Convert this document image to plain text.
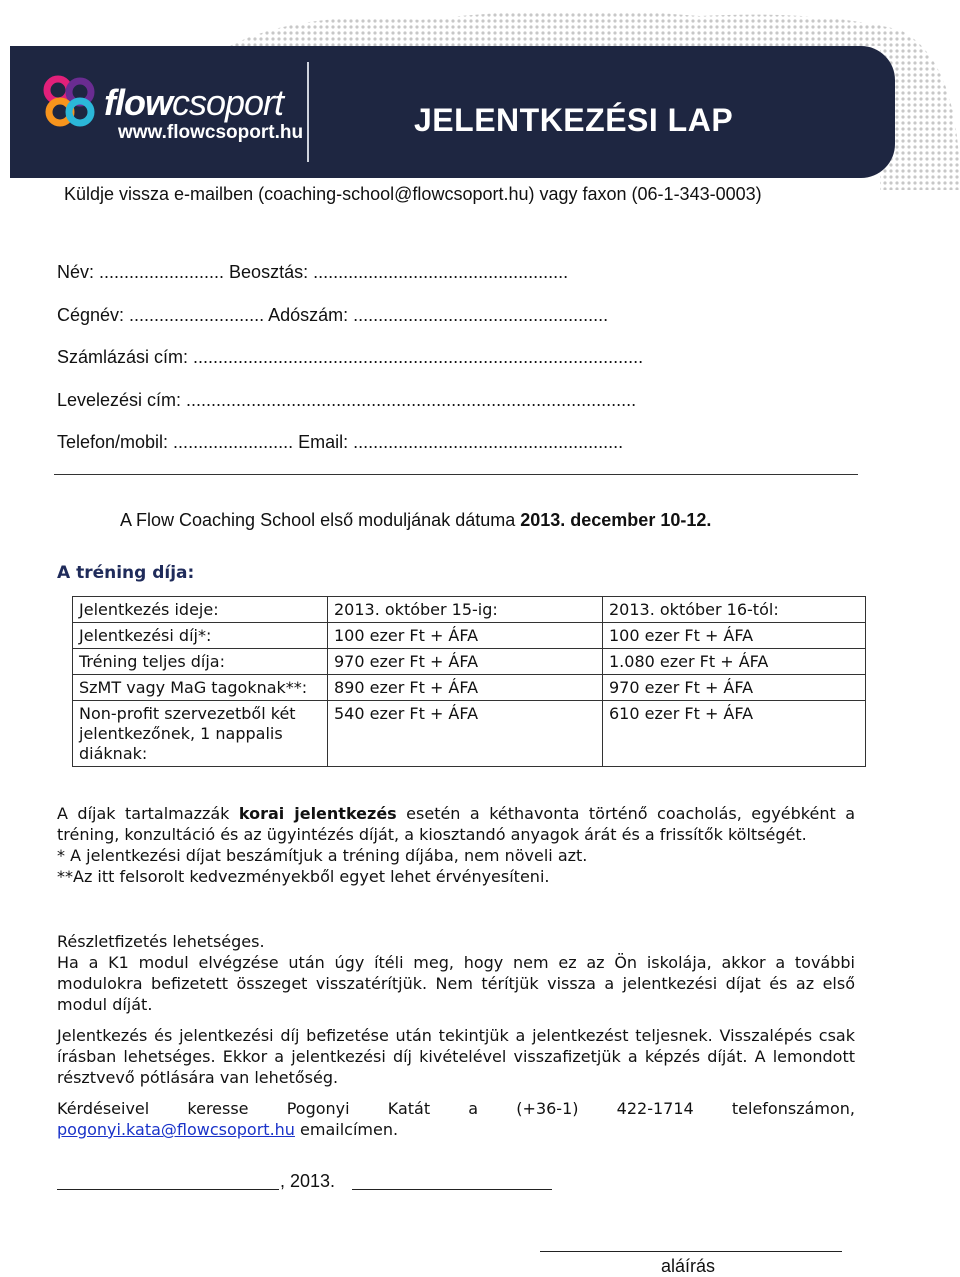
flowcsoport
www.flowcsoport.hu	JELENTKEZÉSI LAP
Küldje vissza e-mailben (coaching-school@flowcsoport.hu) vagy faxon (06-1-343-0003)
Név: ......................... Beosztás: ...................................................
Cégnév: ........................... Adószám: ...................................................
Számlázási cím: ..........................................................................................
Levelezési cím: ..........................................................................................
Telefon/mobil: ........................ Email: ......................................................
A Flow Coaching School első moduljának dátuma 2013. december 10-12.
A tréning díja:
Jelentkezés ideje:	2013. október 15-ig:	2013. október 16-tól:
Jelentkezési díj*:	100 ezer Ft + ÁFA	100 ezer Ft + ÁFA
Tréning teljes díja:	970 ezer Ft + ÁFA	1.080 ezer Ft + ÁFA
SzMT vagy MaG tagoknak**:	890 ezer Ft + ÁFA	970 ezer Ft + ÁFA
Non-profit szervezetből két jelentkezőnek, 1 nappalis diáknak:	540 ezer Ft + ÁFA	610 ezer Ft + ÁFA

A díjak tartalmazzák korai jelentkezés esetén a kéthavonta történő coacholás, egyébként a tréning, konzultáció és az ügyintézés díját, a kiosztandó anyagok árát és a frissítők költségét.

* A jelentkezési díjat beszámítjuk a tréning díjába, nem növeli azt.

**Az itt felsorolt kedvezményekből egyet lehet érvényesíteni.

Részletfizetés lehetséges.

Ha a K1 modul elvégzése után úgy ítéli meg, hogy nem ez az Ön iskolája, akkor a további modulokra befizetett összeget visszatérítjük. Nem térítjük vissza a jelentkezési díjat és az első modul díját.

Jelentkezés és jelentkezési díj befizetése után tekintjük a jelentkezést teljesnek. Visszalépés csak írásban lehetséges. Ekkor a jelentkezési díj kivételével visszafizetjük a képzés díját. A lemondott résztvevő pótlására van lehetőség.

Kérdéseivel keresse Pogonyi Katát a (+36-1) 422-1714 telefonszámon,

pogonyi.kata@flowcsoport.hu emailcímen.

, 2013.
aláírás
